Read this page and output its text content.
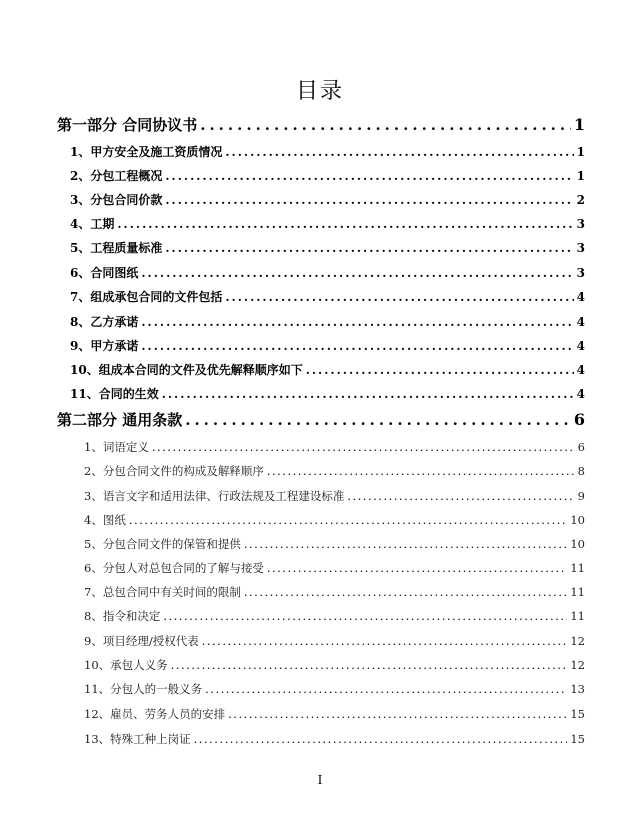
目录
第一部分 合同协议书 .....	1
1、甲方安全及施工资质情况 .....	1
2、分包工程概况 .....	1
3、分包合同价款 .....	2
4、工期 .....	3
5、工程质量标准 .....	3
6、合同图纸 .....	3
7、组成承包合同的文件包括 .....	4
8、乙方承诺 .....	4
9、甲方承诺 .....	4
10、组成本合同的文件及优先解释顺序如下 .....	4
11、合同的生效 .....	4
第二部分 通用条款 .....	6
1、词语定义 .....	6
2、分包合同文件的构成及解释顺序 .....	8
3、语言文字和适用法律、行政法规及工程建设标准 .....	9
4、图纸 .....	10
5、分包合同文件的保管和提供 .....	10
6、分包人对总包合同的了解与接受 .....	11
7、总包合同中有关时间的限制 .....	11
8、指令和决定 .....	11
9、项目经理/授权代表 .....	12
10、承包人义务 .....	12
11、分包人的一般义务 .....	13
12、雇员、劳务人员的安排 .....	15
13、特殊工种上岗证 .....	15
I
